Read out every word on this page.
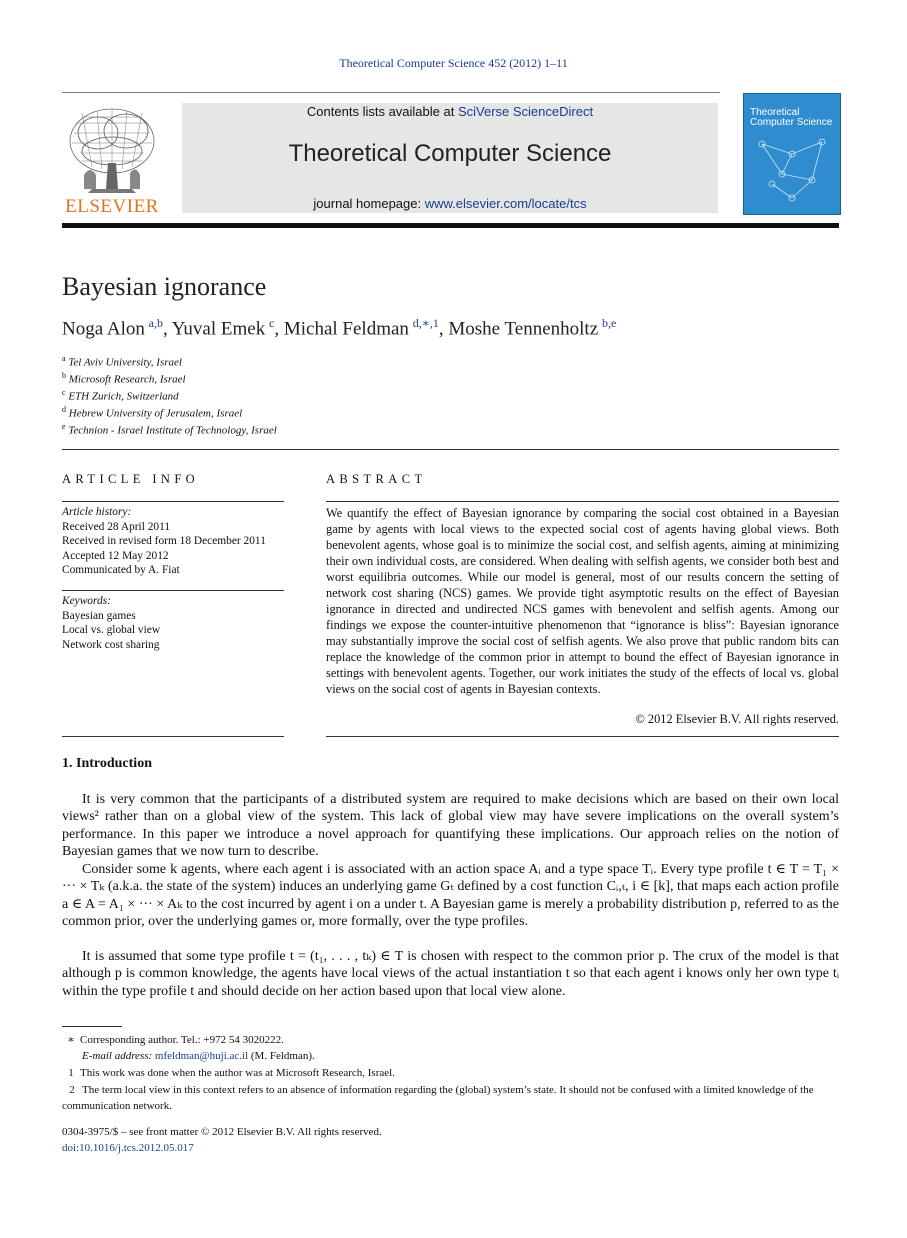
Theoretical Computer Science 452 (2012) 1–11
ELSEVIER
Contents lists available at SciVerse ScienceDirect
Theoretical Computer Science
journal homepage: www.elsevier.com/locate/tcs
Theoretical
Computer Science
Bayesian ignorance
Noga Alon  $^{a,b}$, Yuval Emek  $^c$, Michal Feldman  $^{d,∗,1}$, Moshe Tennenholtz  $^{b,e}$
$^a$ Tel Aviv University, Israel
$^b$ Microsoft Research, Israel
$^c$ ETH Zurich, Switzerland
$^d$ Hebrew University of Jerusalem, Israel
$^e$ Technion - Israel Institute of Technology, Israel
ARTICLE INFO
Article history:
Received 28 April 2011
Received in revised form 18 December 2011
Accepted 12 May 2012
Communicated by A. Fiat
Keywords:
Bayesian games
Local vs. global view
Network cost sharing
ABSTRACT
We quantify the effect of Bayesian ignorance by comparing the social cost obtained in a Bayesian game by agents with local views to the expected social cost of agents having global views. Both benevolent agents, whose goal is to minimize the social cost, and selfish agents, aiming at minimizing their own individual costs, are considered. When dealing with selfish agents, we consider both best and worst equilibria outcomes. While our model is general, most of our results concern the setting of network cost sharing (NCS) games. We provide tight asymptotic results on the effect of Bayesian ignorance in directed and undirected NCS games with benevolent and selfish agents. Among our findings we expose the counter-intuitive phenomenon that “ignorance is bliss”: Bayesian ignorance may substantially improve the social cost of selfish agents. We also prove that public random bits can replace the knowledge of the common prior in attempt to bound the effect of Bayesian ignorance in settings with benevolent agents. Together, our work initiates the study of the effects of local vs. global views on the social cost of agents in Bayesian contexts.
© 2012 Elsevier B.V. All rights reserved.
1. Introduction
It is very common that the participants of a distributed system are required to make decisions which are based on their own local views² rather than on a global view of the system. This lack of global view may have severe implications on the overall system’s performance. In this paper we introduce a novel approach for quantifying these implications. Our approach relies on the notion of Bayesian games that we now turn to describe.
Consider some k agents, where each agent i is associated with an action space Aᵢ and a type space Tᵢ. Every type profile t ∈ T = T₁ × ··· × Tₖ (a.k.a. the state of the system) induces an underlying game Gₜ defined by a cost function Cᵢ,ₜ, i ∈ [k], that maps each action profile a ∈ A = A₁ × ··· × Aₖ to the cost incurred by agent i on a under t. A Bayesian game is merely a probability distribution p, referred to as the common prior, over the underlying games or, more formally, over the type profiles.
It is assumed that some type profile t = (t₁, . . . , tₖ) ∈ T is chosen with respect to the common prior p. The crux of the model is that although p is common knowledge, the agents have local views of the actual instantiation t so that each agent i knows only her own type tᵢ within the type profile t and should decide on her action based upon that local view alone.
∗ Corresponding author. Tel.: +972 54 3020222.
E-mail address: mfeldman@huji.ac.il (M. Feldman).
1 This work was done when the author was at Microsoft Research, Israel.
2 The term local view in this context refers to an absence of information regarding the (global) system’s state. It should not be confused with a limited knowledge of the communication network.
0304-3975/$ – see front matter © 2012 Elsevier B.V. All rights reserved.
doi:10.1016/j.tcs.2012.05.017
